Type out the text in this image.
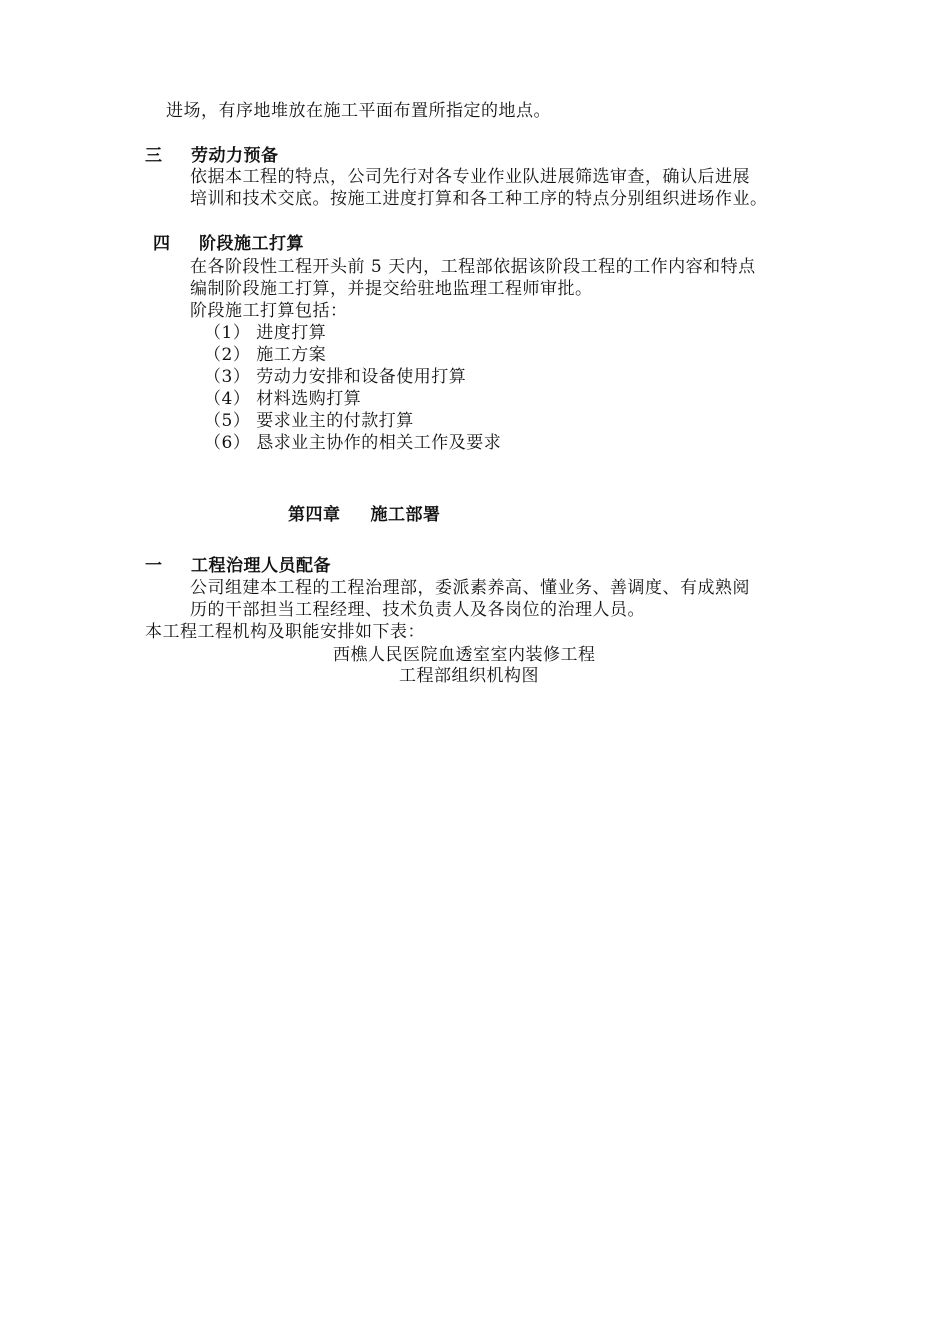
进场，有序地堆放在施工平面布置所指定的地点。
三 劳动力预备
依据本工程的特点，公司先行对各专业作业队进展筛选审查，确认后进展
培训和技术交底。按施工进度打算和各工种工序的特点分别组织进场作业。
四 阶段施工打算
在各阶段性工程开头前 5 天内，工程部依据该阶段工程的工作内容和特点
编制阶段施工打算，并提交给驻地监理工程师审批。
阶段施工打算包括：
（1） 进度打算
（2） 施工方案
（3） 劳动力安排和设备使用打算
（4） 材料选购打算
（5） 要求业主的付款打算
（6） 恳求业主协作的相关工作及要求
第四章 施工部署
一 工程治理人员配备
公司组建本工程的工程治理部，委派素养高、懂业务、善调度、有成熟阅
历的干部担当工程经理、技术负责人及各岗位的治理人员。
本工程工程机构及职能安排如下表：
西樵人民医院血透室室内装修工程
工程部组织机构图
